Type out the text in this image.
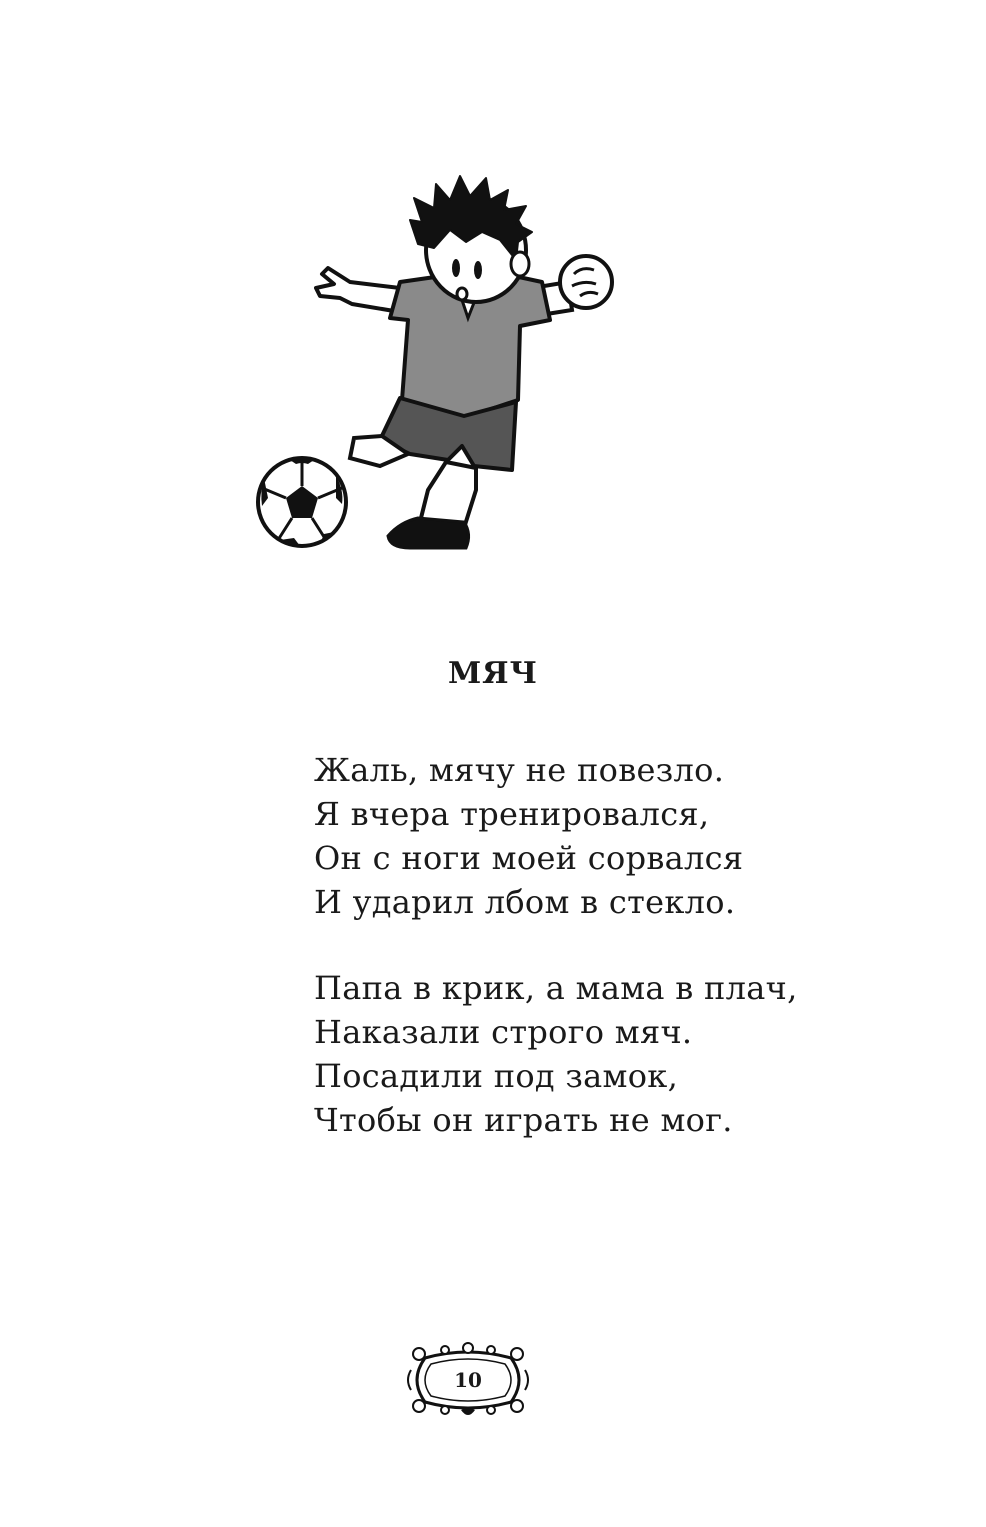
МЯЧ
Жаль, мячу не повезло.
Я вчера тренировался,
Он с ноги моей сорвался
И ударил лбом в стекло.
Папа в крик, а мама в плач,
Наказали строго мяч.
Посадили под замок,
Чтобы он играть не мог.
10
